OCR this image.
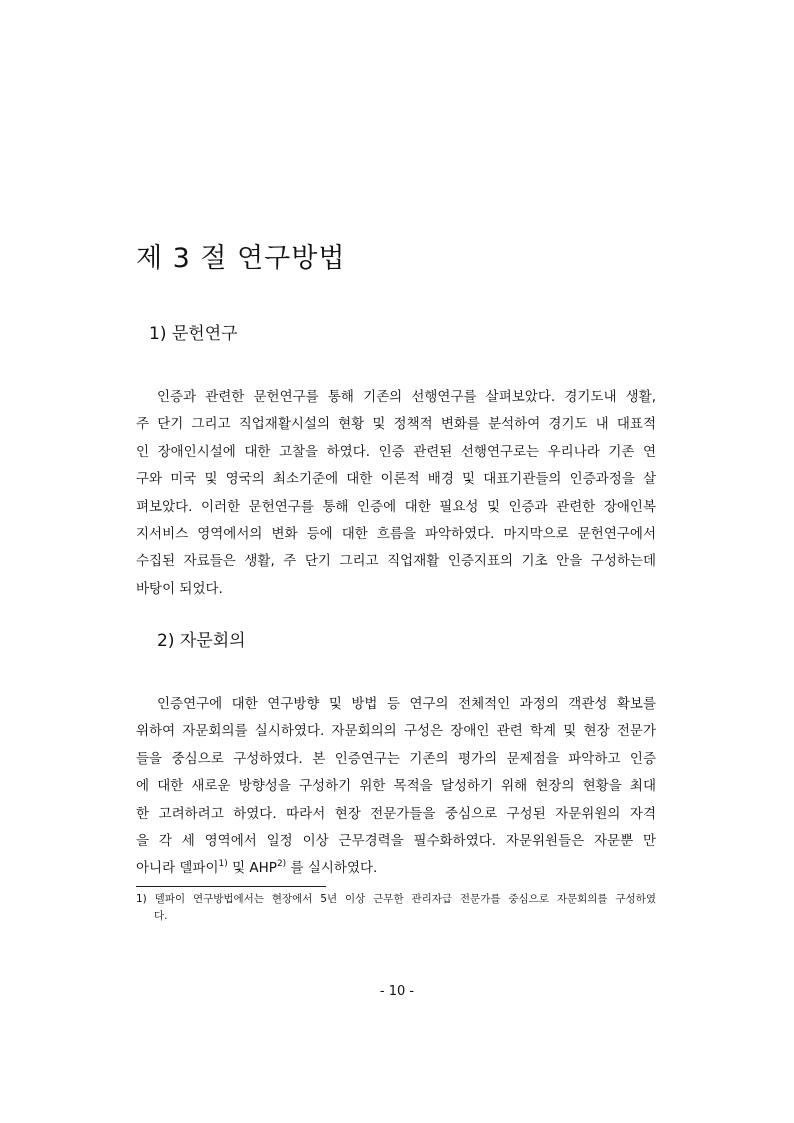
제 3 절 연구방법
1) 문헌연구

인증과 관련한 문헌연구를 통해 기존의 선행연구를 살펴보았다. 경기도내 생활,
주 단기 그리고 직업재활시설의 현황 및 정책적 변화를 분석하여 경기도 내 대표적
인 장애인시설에 대한 고찰을 하였다. 인증 관련된 선행연구로는 우리나라 기존 연
구와 미국 및 영국의 최소기준에 대한 이론적 배경 및 대표기관들의 인증과정을 살
펴보았다. 이러한 문헌연구를 통해 인증에 대한 필요성 및 인증과 관련한 장애인복
지서비스 영역에서의 변화 등에 대한 흐름을 파악하였다. 마지막으로 문헌연구에서
수집된 자료들은 생활, 주 단기 그리고 직업재활 인증지표의 기초 안을 구성하는데
바탕이 되었다.

2) 자문회의

인증연구에 대한 연구방향 및 방법 등 연구의 전체적인 과정의 객관성 확보를
위하여 자문회의를 실시하였다. 자문회의의 구성은 장애인 관련 학계 및 현장 전문가
들을 중심으로 구성하였다. 본 인증연구는 기존의 평가의 문제점을 파악하고 인증
에 대한 새로운 방향성을 구성하기 위한 목적을 달성하기 위해 현장의 현황을 최대
한 고려하려고 하였다. 따라서 현장 전문가들을 중심으로 구성된 자문위원의 자격
을 각 세 영역에서 일정 이상 근무경력을 필수화하였다. 자문위원들은 자문뿐 만
아니라 델파이$^{1)}$ 및 AHP$^{2)}$ 를 실시하였다.

1) 델파이 연구방법에서는 현장에서 5년 이상 근무한 관리자급 전문가를 중심으로 자문회의를 구성하였
다.
- 10 -
